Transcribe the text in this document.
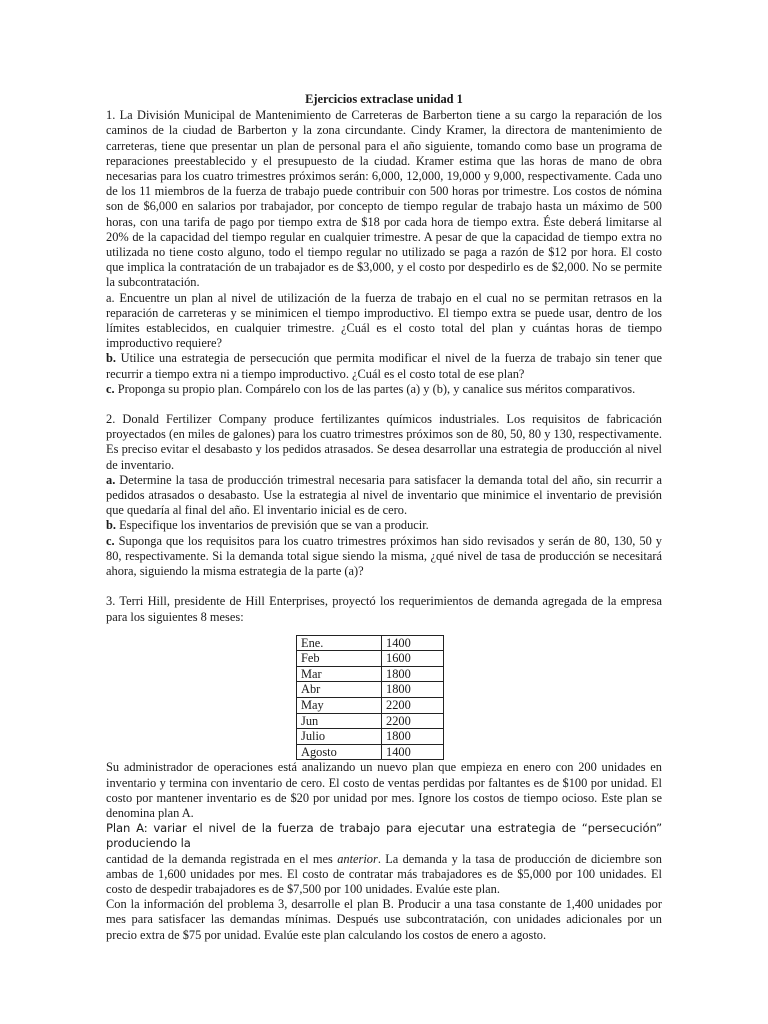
Ejercicios extraclase unidad 1

1. La División Municipal de Mantenimiento de Carreteras de Barberton tiene a su cargo la reparación de los caminos de la ciudad de Barberton y la zona circundante. Cindy Kramer, la directora de mantenimiento de carreteras, tiene que presentar un plan de personal para el año siguiente, tomando como base un programa de reparaciones preestablecido y el presupuesto de la ciudad. Kramer estima que las horas de mano de obra necesarias para los cuatro trimestres próximos serán: 6,000, 12,000, 19,000 y 9,000, respectivamente. Cada uno de los 11 miembros de la fuerza de trabajo puede contribuir con 500 horas por trimestre. Los costos de nómina son de $6,000 en salarios por trabajador, por concepto de tiempo regular de trabajo hasta un máximo de 500 horas, con una tarifa de pago por tiempo extra de $18 por cada hora de tiempo extra. Éste deberá limitarse al 20% de la capacidad del tiempo regular en cualquier trimestre. A pesar de que la capacidad de tiempo extra no utilizada no tiene costo alguno, todo el tiempo regular no utilizado se paga a razón de $12 por hora. El costo que implica la contratación de un trabajador es de $3,000, y el costo por despedirlo es de $2,000. No se permite la subcontratación.

a. Encuentre un plan al nivel de utilización de la fuerza de trabajo en el cual no se permitan retrasos en la reparación de carreteras y se minimicen el tiempo improductivo. El tiempo extra se puede usar, dentro de los límites establecidos, en cualquier trimestre. ¿Cuál es el costo total del plan y cuántas horas de tiempo improductivo requiere?

b. Utilice una estrategia de persecución que permita modificar el nivel de la fuerza de trabajo sin tener que recurrir a tiempo extra ni a tiempo improductivo. ¿Cuál es el costo total de ese plan?

c. Proponga su propio plan. Compárelo con los de las partes (a) y (b), y canalice sus méritos comparativos.

2. Donald Fertilizer Company produce fertilizantes químicos industriales. Los requisitos de fabricación proyectados (en miles de galones) para los cuatro trimestres próximos son de 80, 50, 80 y 130, respectivamente. Es preciso evitar el desabasto y los pedidos atrasados. Se desea desarrollar una estrategia de producción al nivel de inventario.

a. Determine la tasa de producción trimestral necesaria para satisfacer la demanda total del año, sin recurrir a pedidos atrasados o desabasto. Use la estrategia al nivel de inventario que minimice el inventario de previsión que quedaría al final del año. El inventario inicial es de cero.

b. Especifique los inventarios de previsión que se van a producir.

c. Suponga que los requisitos para los cuatro trimestres próximos han sido revisados y serán de 80, 130, 50 y 80, respectivamente. Si la demanda total sigue siendo la misma, ¿qué nivel de tasa de producción se necesitará ahora, siguiendo la misma estrategia de la parte (a)?

3. Terri Hill, presidente de Hill Enterprises, proyectó los requerimientos de demanda agregada de la empresa para los siguientes 8 meses:

Ene.	1400
Feb	1600
Mar	1800
Abr	1800
May	2200
Jun	2200
Julio	1800
Agosto	1400

Su administrador de operaciones está analizando un nuevo plan que empieza en enero con 200 unidades en inventario y termina con inventario de cero. El costo de ventas perdidas por faltantes es de $100 por unidad. El costo por mantener inventario es de $20 por unidad por mes. Ignore los costos de tiempo ocioso. Este plan se denomina plan A.

Plan A: variar el nivel de la fuerza de trabajo para ejecutar una estrategia de “persecución” produciendo la

cantidad de la demanda registrada en el mes anterior. La demanda y la tasa de producción de diciembre son ambas de 1,600 unidades por mes. El costo de contratar más trabajadores es de $5,000 por 100 unidades. El costo de despedir trabajadores es de $7,500 por 100 unidades. Evalúe este plan.

Con la información del problema 3, desarrolle el plan B. Producir a una tasa constante de 1,400 unidades por mes para satisfacer las demandas mínimas. Después use subcontratación, con unidades adicionales por un precio extra de $75 por unidad. Evalúe este plan calculando los costos de enero a agosto.
